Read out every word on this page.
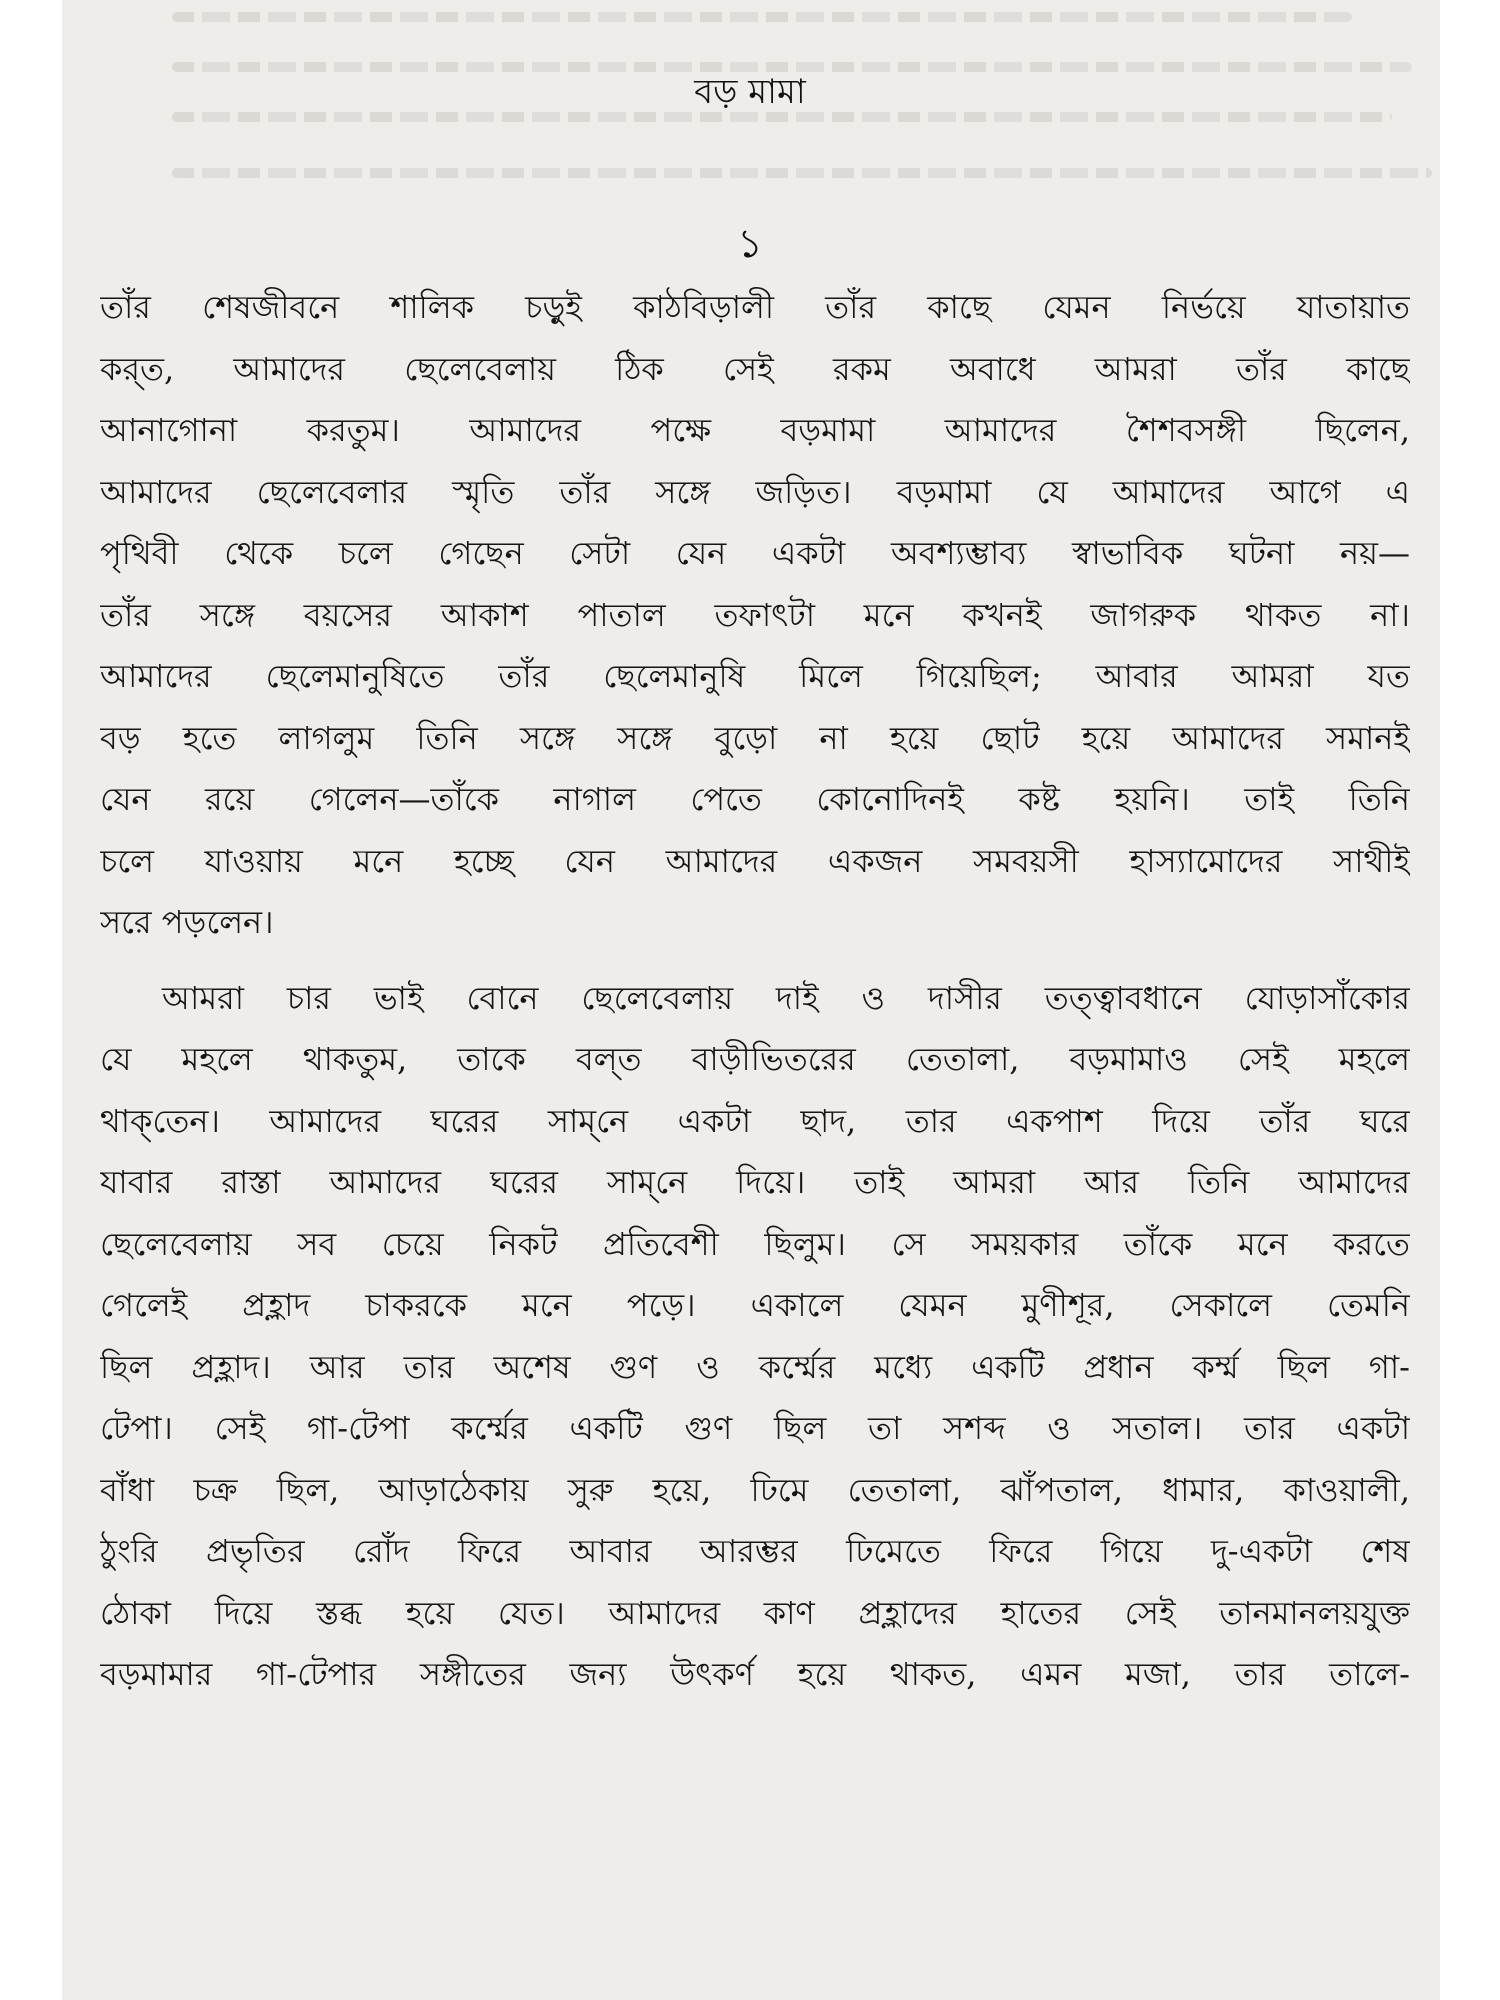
বড় মামা
১
তাঁর শেষজীবনে শালিক চড়ুই কাঠবিড়ালী তাঁর কাছে যেমন নির্ভয়ে যাতায়াত
কর্‌ত, আমাদের ছেলেবেলায় ঠিক সেই রকম অবাধে আমরা তাঁর কাছে
আনাগোনা করতুম। আমাদের পক্ষে বড়মামা আমাদের শৈশবসঙ্গী ছিলেন,
আমাদের ছেলেবেলার স্মৃতি তাঁর সঙ্গে জড়িত। বড়মামা যে আমাদের আগে এ
পৃথিবী থেকে চলে গেছেন সেটা যেন একটা অবশ্যম্ভাব্য স্বাভাবিক ঘটনা নয়—
তাঁর সঙ্গে বয়সের আকাশ পাতাল তফাৎটা মনে কখনই জাগরুক থাকত না।
আমাদের ছেলেমানুষিতে তাঁর ছেলেমানুষি মিলে গিয়েছিল; আবার আমরা যত
বড় হতে লাগলুম তিনি সঙ্গে সঙ্গে বুড়ো না হয়ে ছোট হয়ে আমাদের সমানই
যেন রয়ে গেলেন—তাঁকে নাগাল পেতে কোনোদিনই কষ্ট হয়নি। তাই তিনি
চলে যাওয়ায় মনে হচ্ছে যেন আমাদের একজন সমবয়সী হাস্যামোদের সাথীই
সরে পড়লেন।
আমরা চার ভাই বোনে ছেলেবেলায় দাই ও দাসীর তত্ত্বাবধানে যোড়াসাঁকোর
যে মহলে থাকতুম, তাকে বল্‌ত বাড়ীভিতরের তেতালা, বড়মামাও সেই মহলে
থাক্‌তেন। আমাদের ঘরের সাম্‌নে একটা ছাদ, তার একপাশ দিয়ে তাঁর ঘরে
যাবার রাস্তা আমাদের ঘরের সাম্‌নে দিয়ে। তাই আমরা আর তিনি আমাদের
ছেলেবেলায় সব চেয়ে নিকট প্রতিবেশী ছিলুম। সে সময়কার তাঁকে মনে করতে
গেলেই প্রহ্লাদ চাকরকে মনে পড়ে। একালে যেমন মুণীশূর, সেকালে তেমনি
ছিল প্রহ্লাদ। আর তার অশেষ গুণ ও কর্ম্মের মধ্যে একটি প্রধান কর্ম্ম ছিল গা-
টেপা। সেই গা-টেপা কর্ম্মের একটি গুণ ছিল তা সশব্দ ও সতাল। তার একটা
বাঁধা চক্র ছিল, আড়াঠেকায় সুরু হয়ে, ঢিমে তেতালা, ঝাঁপতাল, ধামার, কাওয়ালী,
ঠুংরি প্রভৃতির রোঁদ ফিরে আবার আরম্ভর ঢিমেতে ফিরে গিয়ে দু-একটা শেষ
ঠোকা দিয়ে স্তব্ধ হয়ে যেত। আমাদের কাণ প্রহ্লাদের হাতের সেই তানমানলয়যুক্ত
বড়মামার গা-টেপার সঙ্গীতের জন্য উৎকর্ণ হয়ে থাকত, এমন মজা, তার তালে-
